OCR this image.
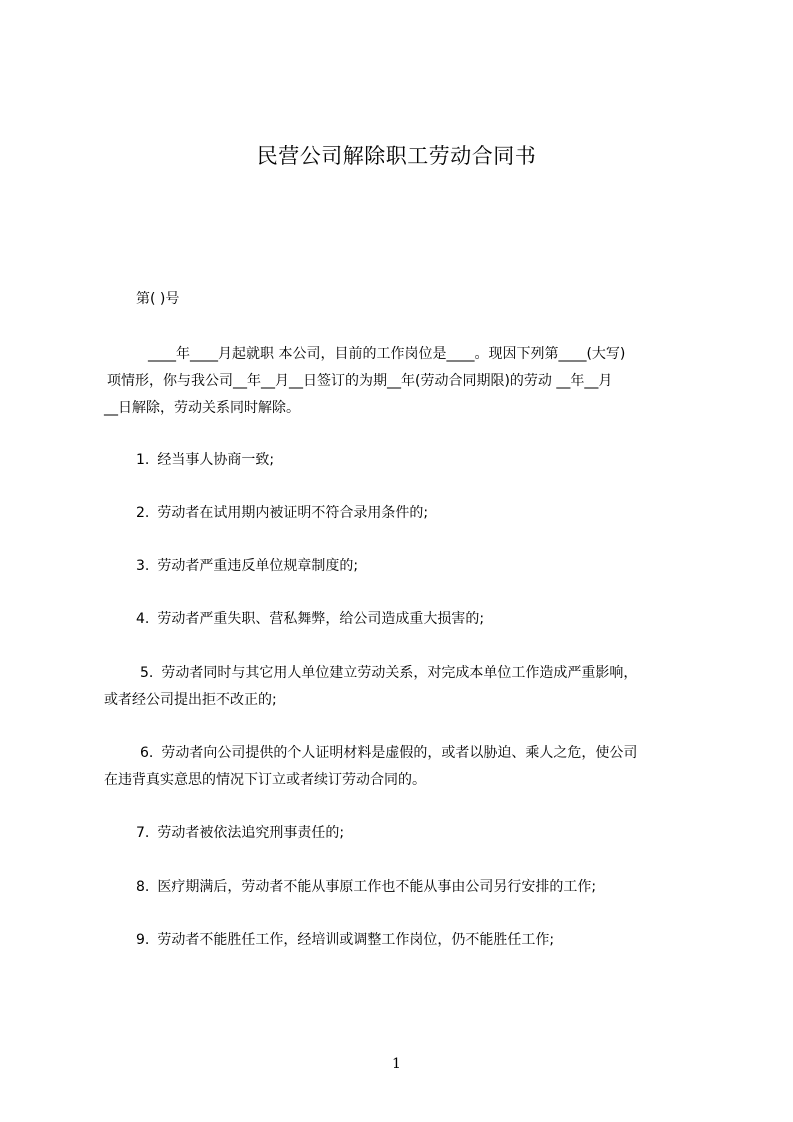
民营公司解除职工劳动合同书

第( )号

____年____月起就职 本公司，目前的工作岗位是____。现因下列第____(大写)
项情形，你与我公司__年__月__日签订的为期__年(劳动合同期限)的劳动 __年__月
__日解除，劳动关系同时解除。

1. 经当事人协商一致;

2. 劳动者在试用期内被证明不符合录用条件的;

3. 劳动者严重违反单位规章制度的;

4. 劳动者严重失职、营私舞弊，给公司造成重大损害的;

5. 劳动者同时与其它用人单位建立劳动关系，对完成本单位工作造成严重影响，
或者经公司提出拒不改正的;
6. 劳动者向公司提供的个人证明材料是虚假的，或者以胁迫、乘人之危，使公司
在违背真实意思的情况下订立或者续订劳动合同的。

7. 劳动者被依法追究刑事责任的;

8. 医疗期满后，劳动者不能从事原工作也不能从事由公司另行安排的工作;

9. 劳动者不能胜任工作，经培训或调整工作岗位，仍不能胜任工作;

1
